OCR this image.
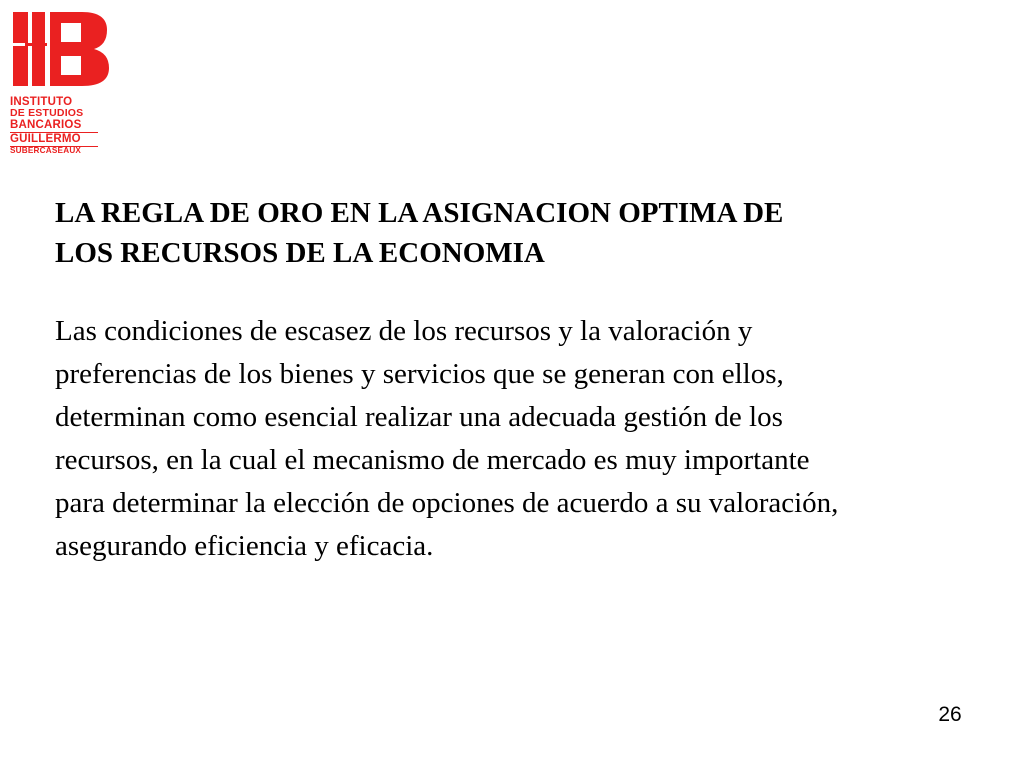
INSTITUTO
DE ESTUDIOS
BANCARIOS
GUILLERMO
SUBERCASEAUX
LA REGLA DE ORO EN LA ASIGNACION OPTIMA DE
LOS RECURSOS DE LA ECONOMIA

Las condiciones de escasez de los recursos y la valoración y
preferencias de los bienes y servicios que se generan con ellos,
determinan como esencial realizar una adecuada gestión de los
recursos, en la cual el mecanismo de mercado es muy importante
para determinar la elección de opciones de acuerdo a su valoración,
asegurando eficiencia y eficacia.

26
